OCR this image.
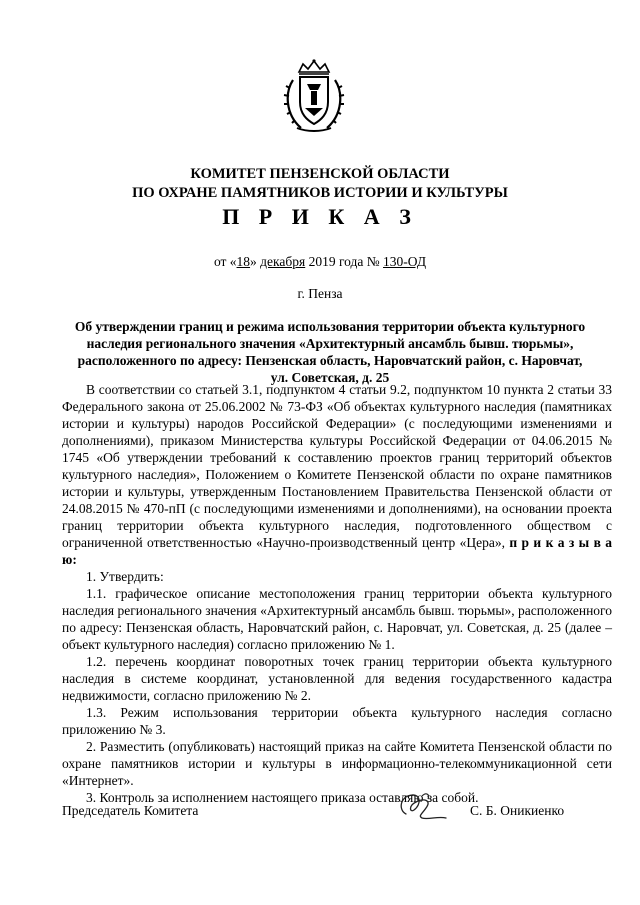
КОМИТЕТ ПЕНЗЕНСКОЙ ОБЛАСТИ
ПО ОХРАНЕ ПАМЯТНИКОВ ИСТОРИИ И КУЛЬТУРЫ
П Р И К А З
от «18» декабря 2019 года № 130-ОД
г. Пенза
Об утверждении границ и режима использования территории объекта культурного
наследия регионального значения «Архитектурный ансамбль бывш. тюрьмы»,
расположенного по адресу: Пензенская область, Наровчатский район, с. Наровчат,
ул. Советская, д. 25

В соответствии со статьей 3.1, подпунктом 4 статьи 9.2, подпунктом 10 пункта 2 статьи 33 Федерального закона от 25.06.2002 № 73-ФЗ «Об объектах культурного наследия (памятниках истории и культуры) народов Российской Федерации» (с последующими изменениями и дополнениями), приказом Министерства культуры Российской Федерации от 04.06.2015 № 1745 «Об утверждении требований к составлению проектов границ территорий объектов культурного наследия», Положением о Комитете Пензенской области по охране памятников истории и культуры, утвержденным Постановлением Правительства Пензенской области от 24.08.2015 № 470-пП (с последующими изменениями и дополнениями), на основании проекта границ территории объекта культурного наследия, подготовленного обществом с ограниченной ответственностью «Научно-производственный центр «Цера», п р и к а з ы в а ю:

1. Утвердить:

1.1. графическое описание местоположения границ территории объекта культурного наследия регионального значения «Архитектурный ансамбль бывш. тюрьмы», расположенного по адресу: Пензенская область, Наровчатский район, с. Наровчат, ул. Советская, д. 25 (далее – объект культурного наследия) согласно приложению № 1.

1.2. перечень координат поворотных точек границ территории объекта культурного наследия в системе координат, установленной для ведения государственного кадастра недвижимости, согласно приложению № 2.

1.3. Режим использования территории объекта культурного наследия согласно приложению № 3.

2. Разместить (опубликовать) настоящий приказ на сайте Комитета Пензенской области по охране памятников истории и культуры в информационно-телекоммуникационной сети «Интернет».

3. Контроль за исполнением настоящего приказа оставляю за собой.

Председатель Комитета	С. Б. Оникиенко
